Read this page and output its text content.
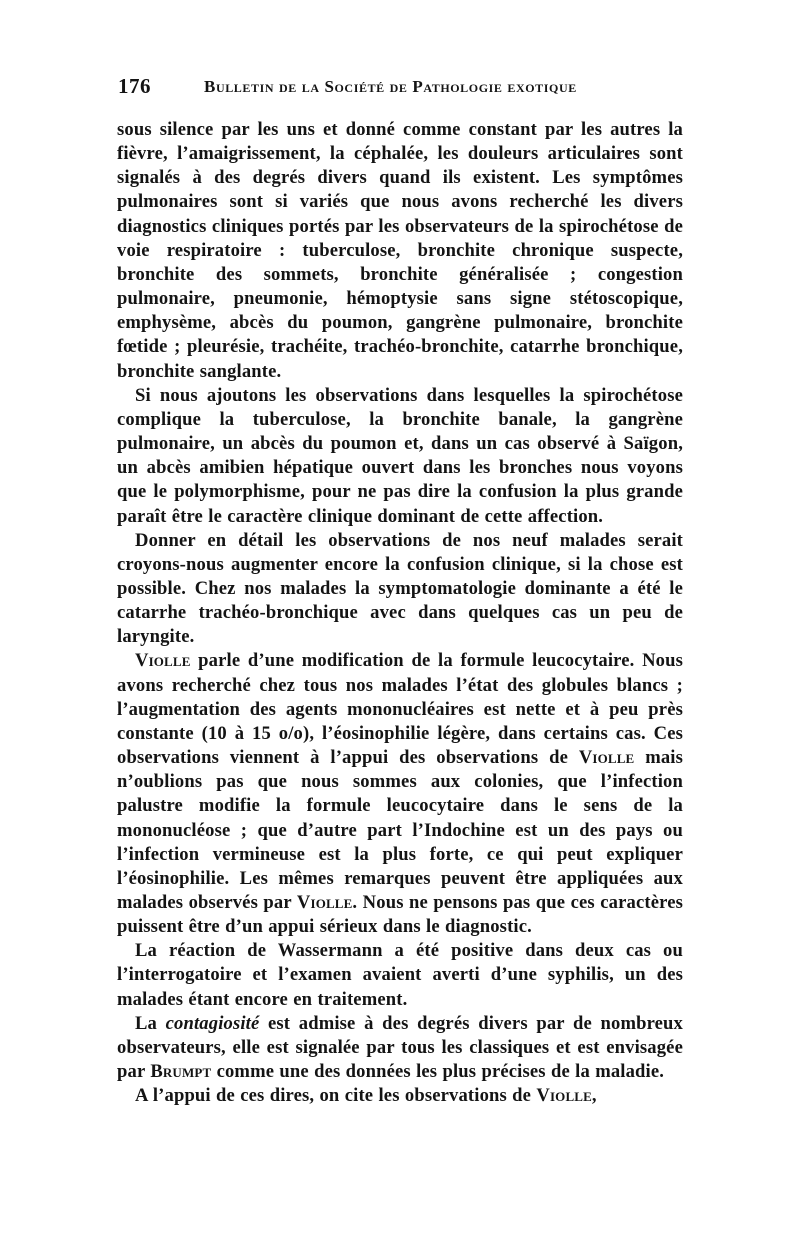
176	Bulletin de la Société de Pathologie exotique

sous silence par les uns et donné comme constant par les autres la fièvre, l’amaigrissement, la céphalée, les douleurs articulaires sont signalés à des degrés divers quand ils existent. Les symptômes pulmonaires sont si variés que nous avons recherché les divers diagnostics cliniques portés par les observateurs de la spirochétose de voie respiratoire : tuberculose, bronchite chronique suspecte, bronchite des sommets, bronchite généralisée ; congestion pulmonaire, pneumonie, hémoptysie sans signe stétoscopique, emphysème, abcès du poumon, gangrène pulmonaire, bronchite fœtide ; pleurésie, trachéite, trachéo-bronchite, catarrhe bronchique, bronchite sanglante.

Si nous ajoutons les observations dans lesquelles la spirochétose complique la tuberculose, la bronchite banale, la gangrène pulmonaire, un abcès du poumon et, dans un cas observé à Saïgon, un abcès amibien hépatique ouvert dans les bronches nous voyons que le polymorphisme, pour ne pas dire la confusion la plus grande paraît être le caractère clinique dominant de cette affection.

Donner en détail les observations de nos neuf malades serait croyons-nous augmenter encore la confusion clinique, si la chose est possible. Chez nos malades la symptomatologie dominante a été le catarrhe trachéo-bronchique avec dans quelques cas un peu de laryngite.

Violle parle d’une modification de la formule leucocytaire. Nous avons recherché chez tous nos malades l’état des globules blancs ; l’augmentation des agents mononucléaires est nette et à peu près constante (10 à 15 o/o), l’éosinophilie légère, dans certains cas. Ces observations viennent à l’appui des observations de Violle mais n’oublions pas que nous sommes aux colonies, que l’infection palustre modifie la formule leucocytaire dans le sens de la mononucléose ; que d’autre part l’Indochine est un des pays ou l’infection vermineuse est la plus forte, ce qui peut expliquer l’éosinophilie. Les mêmes remarques peuvent être appliquées aux malades observés par Violle. Nous ne pensons pas que ces caractères puissent être d’un appui sérieux dans le diagnostic.

La réaction de Wassermann a été positive dans deux cas ou l’interrogatoire et l’examen avaient averti d’une syphilis, un des malades étant encore en traitement.

La contagiosité est admise à des degrés divers par de nombreux observateurs, elle est signalée par tous les classiques et est envisagée par Brumpt comme une des données les plus précises de la maladie.

A l’appui de ces dires, on cite les observations de Violle,
